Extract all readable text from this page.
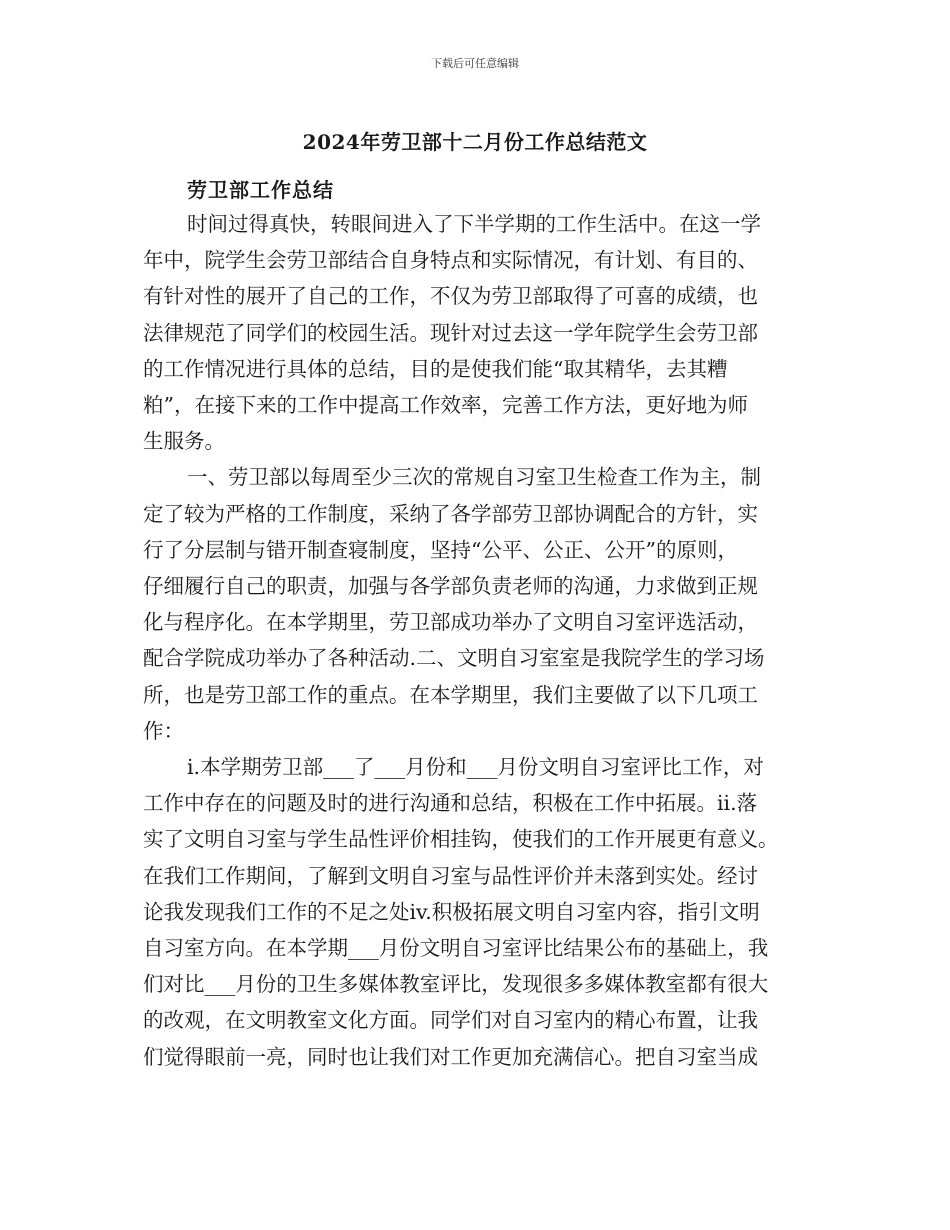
下载后可任意编辑
2024年劳卫部十二月份工作总结范文
劳卫部工作总结
时间过得真快，转眼间进入了下半学期的工作生活中。在这一学
年中，院学生会劳卫部结合自身特点和实际情况，有计划、有目的、
有针对性的展开了自己的工作，不仅为劳卫部取得了可喜的成绩，也
法律规范了同学们的校园生活。现针对过去这一学年院学生会劳卫部
的工作情况进行具体的总结，目的是使我们能“取其精华，去其糟
粕”，在接下来的工作中提高工作效率，完善工作方法，更好地为师
生服务。
一、劳卫部以每周至少三次的常规自习室卫生检查工作为主，制
定了较为严格的工作制度，采纳了各学部劳卫部协调配合的方针，实
行了分层制与错开制查寝制度，坚持“公平、公正、公开”的原则，
仔细履行自己的职责，加强与各学部负责老师的沟通，力求做到正规
化与程序化。在本学期里，劳卫部成功举办了文明自习室评选活动，
配合学院成功举办了各种活动.二、文明自习室室是我院学生的学习场
所，也是劳卫部工作的重点。在本学期里，我们主要做了以下几项工
作：
i.本学期劳卫部___了___月份和___月份文明自习室评比工作，对
工作中存在的问题及时的进行沟通和总结，积极在工作中拓展。ii.落
实了文明自习室与学生品性评价相挂钩，使我们的工作开展更有意义。
在我们工作期间，了解到文明自习室与品性评价并未落到实处。经讨
论我发现我们工作的不足之处iv.积极拓展文明自习室内容，指引文明
自习室方向。在本学期___月份文明自习室评比结果公布的基础上，我
们对比___月份的卫生多媒体教室评比，发现很多多媒体教室都有很大
的改观，在文明教室文化方面。同学们对自习室内的精心布置，让我
们觉得眼前一亮，同时也让我们对工作更加充满信心。把自习室当成
